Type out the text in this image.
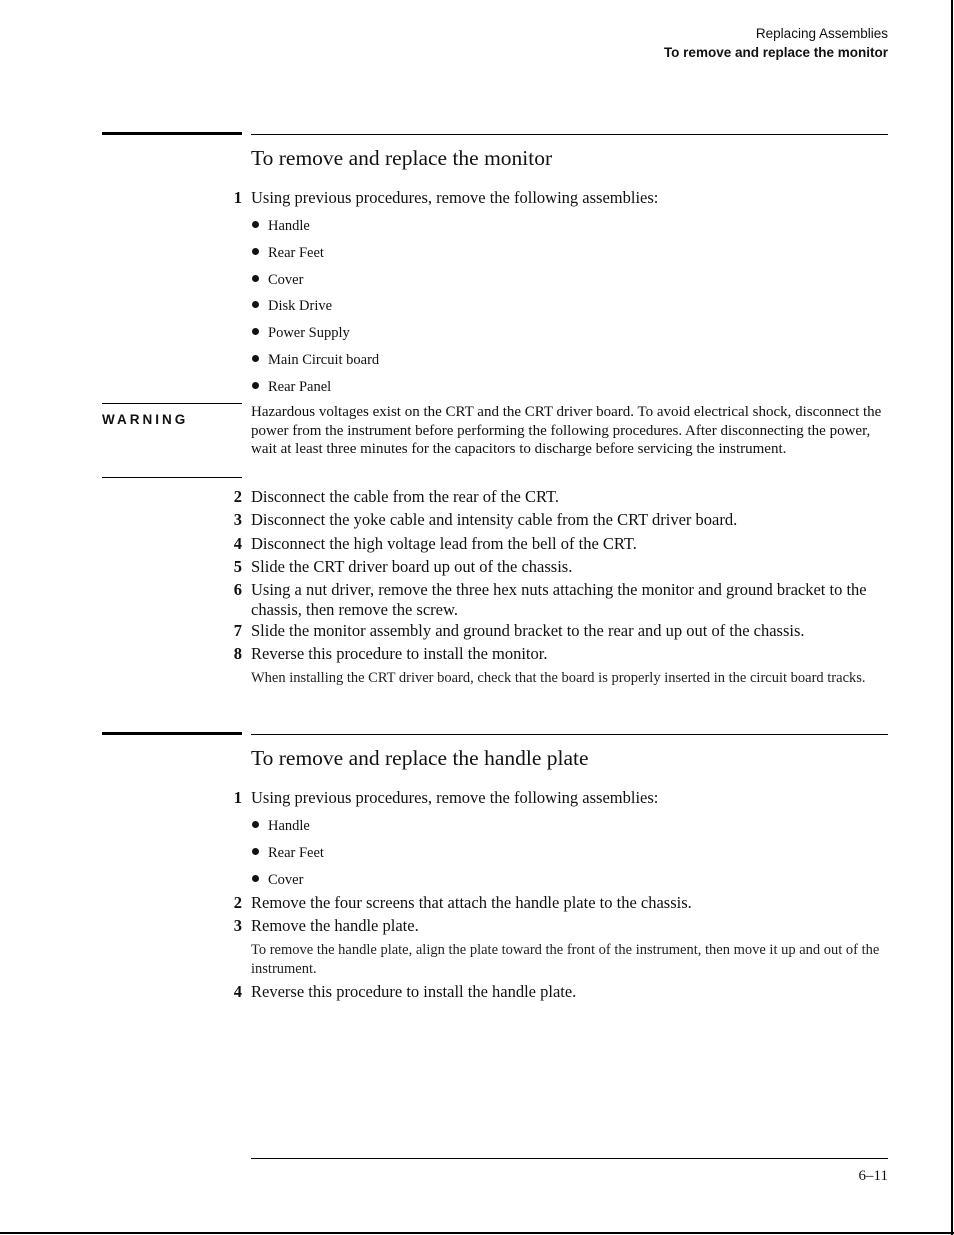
Replacing Assemblies
To remove and replace the monitor
To remove and replace the monitor
1 Using previous procedures, remove the following assemblies:
Handle
Rear Feet
Cover
Disk Drive
Power Supply
Main Circuit board
Rear Panel
WARNING	Hazardous voltages exist on the CRT and the CRT driver board. To avoid electrical shock, disconnect the power from the instrument before performing the following procedures. After disconnecting the power, wait at least three minutes for the capacitors to discharge before servicing the instrument.
2 Disconnect the cable from the rear of the CRT.
3 Disconnect the yoke cable and intensity cable from the CRT driver board.
4 Disconnect the high voltage lead from the bell of the CRT.
5 Slide the CRT driver board up out of the chassis.
6 Using a nut driver, remove the three hex nuts attaching the monitor and ground bracket to the chassis, then remove the screw.
7 Slide the monitor assembly and ground bracket to the rear and up out of the chassis.
8 Reverse this procedure to install the monitor.
When installing the CRT driver board, check that the board is properly inserted in the circuit board tracks.
To remove and replace the handle plate
1 Using previous procedures, remove the following assemblies:
Handle
Rear Feet
Cover
2 Remove the four screens that attach the handle plate to the chassis.
3 Remove the handle plate.
To remove the handle plate, align the plate toward the front of the instrument, then move it up and out of the instrument.
4 Reverse this procedure to install the handle plate.
6–11
